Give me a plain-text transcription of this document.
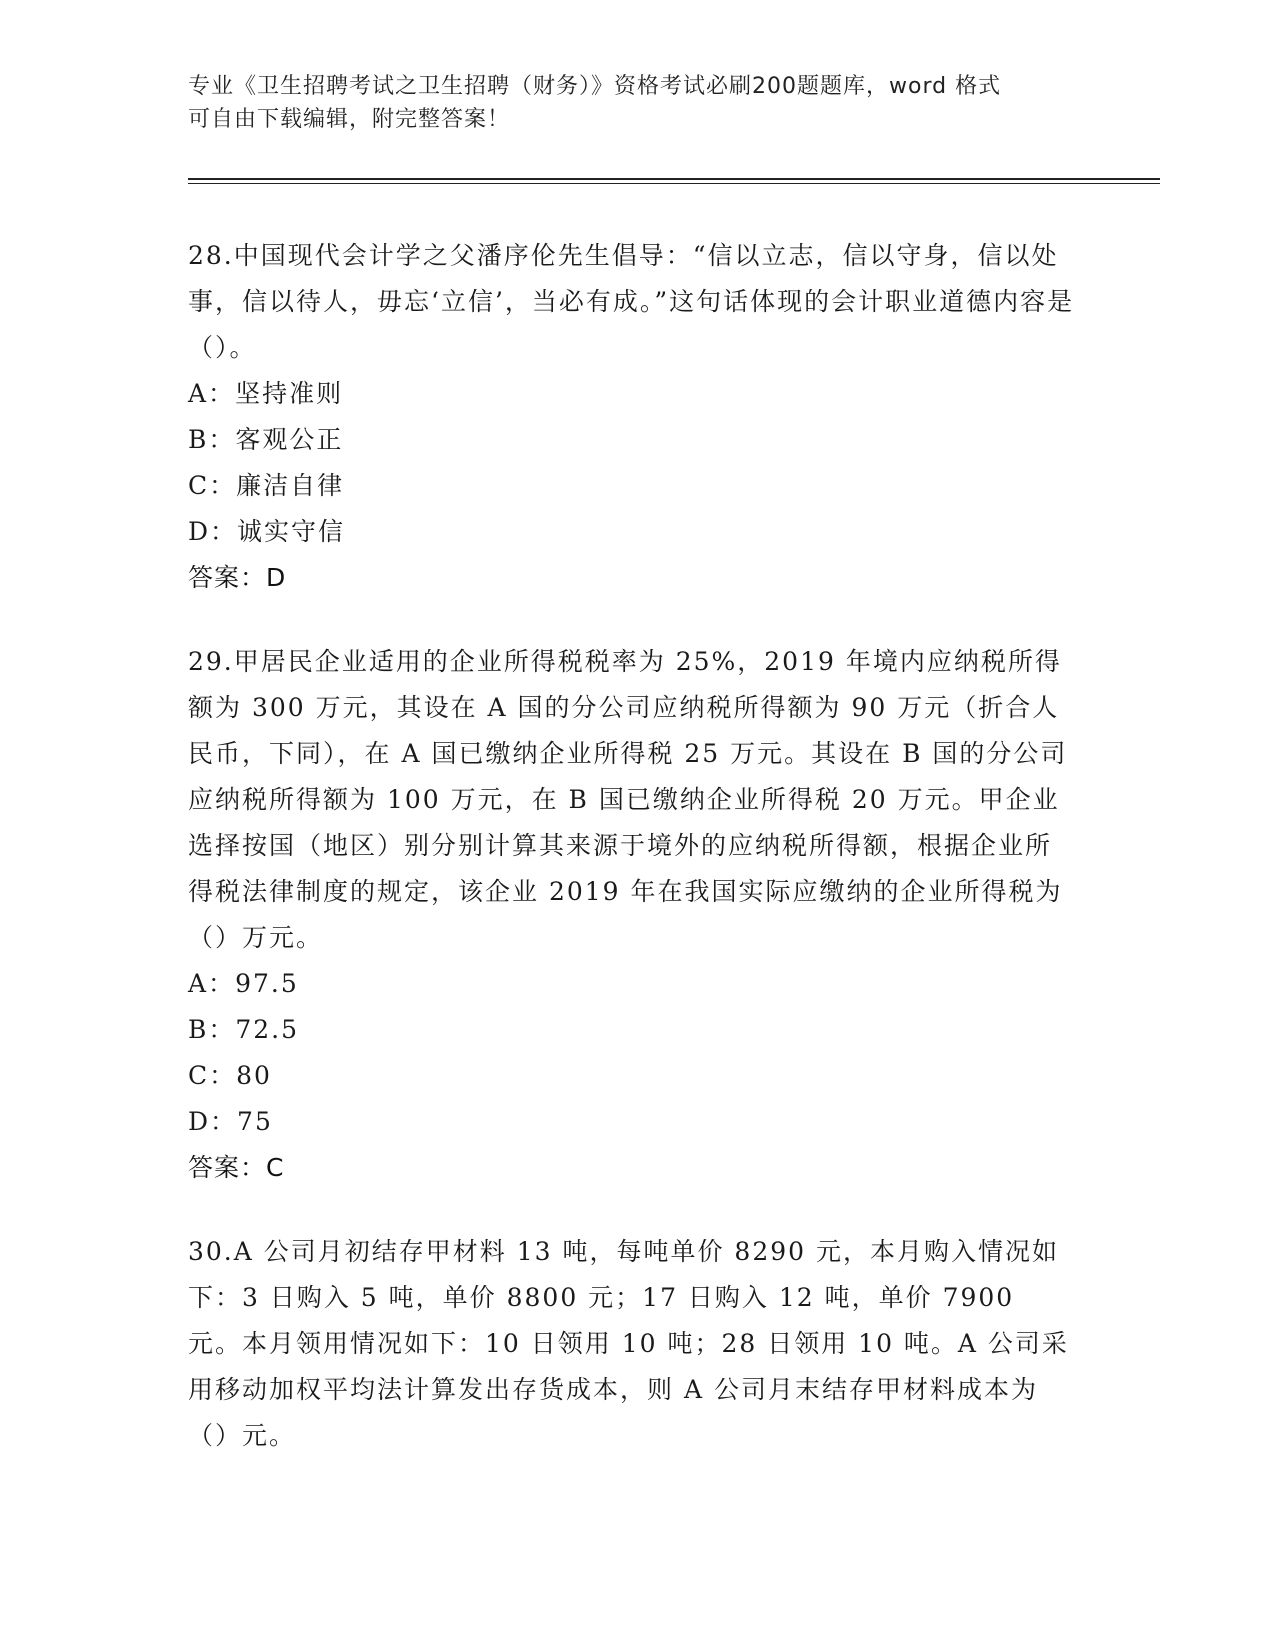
专业《卫生招聘考试之卫生招聘（财务）》资格考试必刷200题题库，word 格式
可自由下载编辑，附完整答案！

28.中国现代会计学之父潘序伦先生倡导：“信以立志，信以守身，信以处事，信以待人，毋忘‘立信’，当必有成。”这句话体现的会计职业道德内容是（）。

A：坚持准则
B：客观公正
C：廉洁自律
D：诚实守信
答案：D

29.甲居民企业适用的企业所得税税率为 25%，2019 年境内应纳税所得额为 300 万元，其设在 A 国的分公司应纳税所得额为 90 万元（折合人民币，下同），在 A 国已缴纳企业所得税 25 万元。其设在 B 国的分公司应纳税所得额为 100 万元，在 B 国已缴纳企业所得税 20 万元。甲企业选择按国（地区）别分别计算其来源于境外的应纳税所得额，根据企业所得税法律制度的规定，该企业 2019 年在我国实际应缴纳的企业所得税为（）万元。

A：97.5
B：72.5
C：80
D：75
答案：C

30.A 公司月初结存甲材料 13 吨，每吨单价 8290 元，本月购入情况如下：3 日购入 5 吨，单价 8800 元；17 日购入 12 吨，单价 7900 元。本月领用情况如下：10 日领用 10 吨；28 日领用 10 吨。A 公司采用移动加权平均法计算发出存货成本，则 A 公司月末结存甲材料成本为（）元。
